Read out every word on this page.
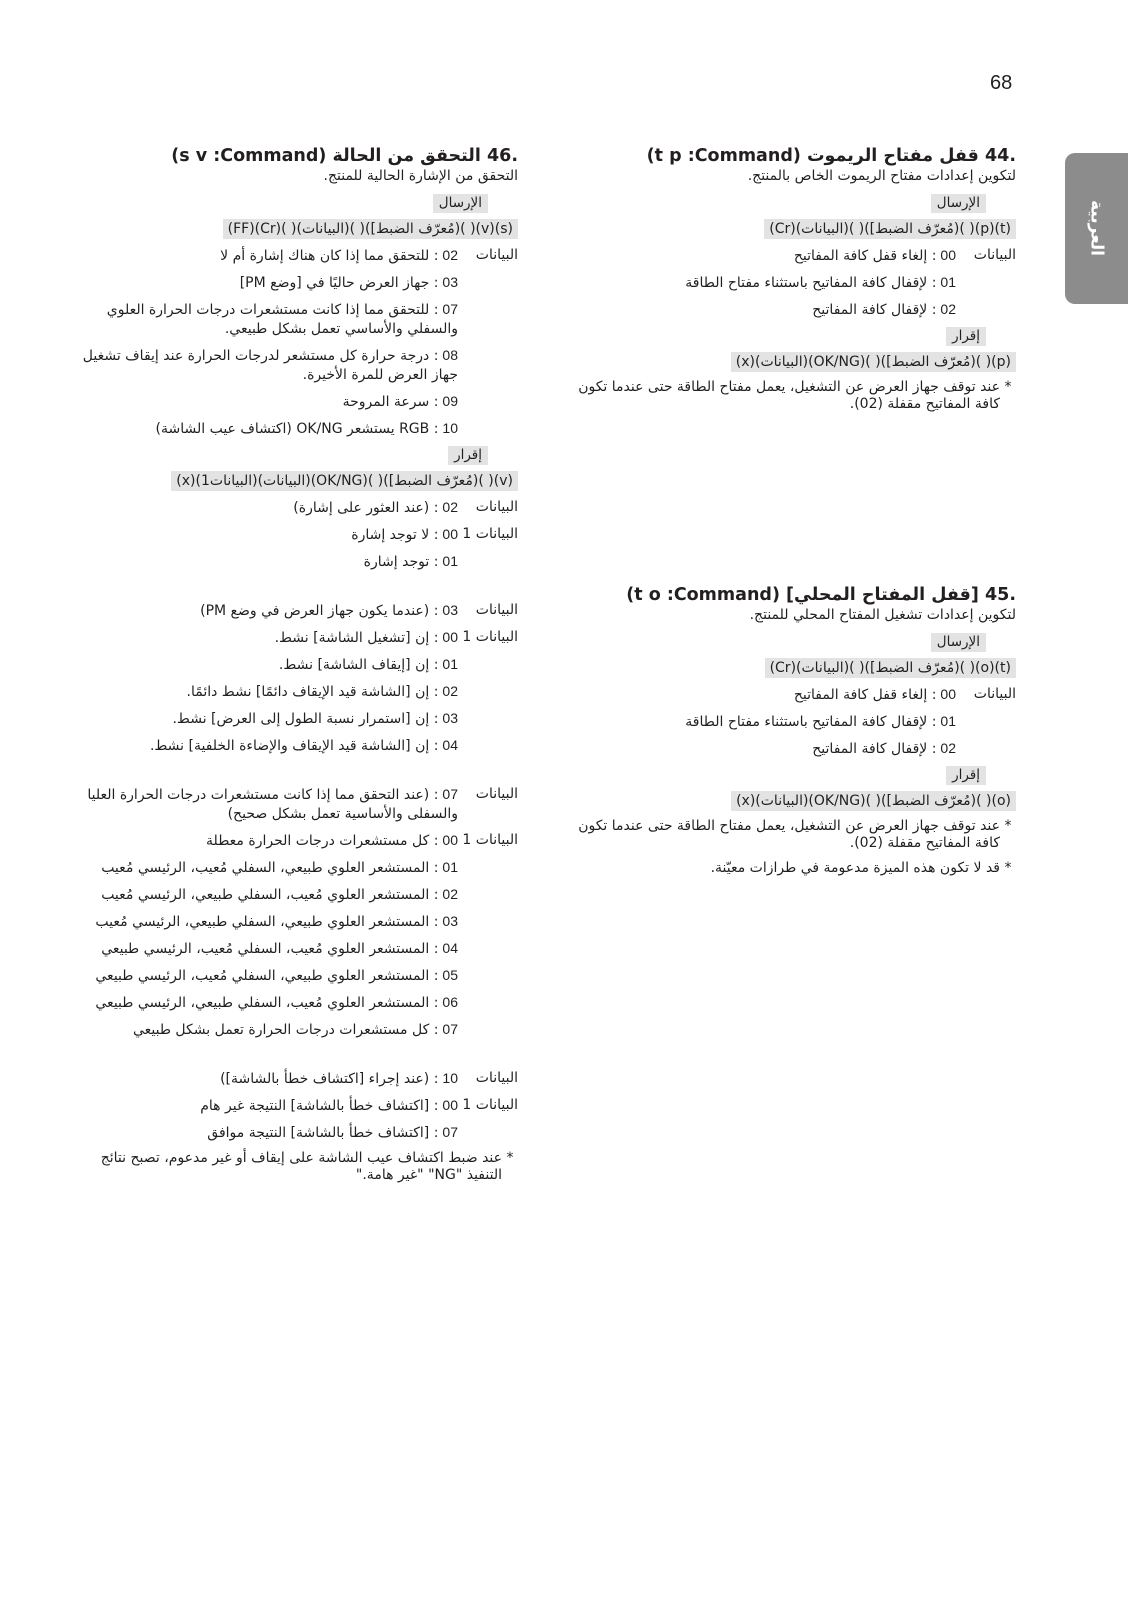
68
العربية
.44 قفل مفتاح الريموت (t p :Command)

لتكوين إعدادات مفتاح الريموت الخاص بالمنتج.

الإرسال
(t)(p)( )(مُعرّف الضبط])( )(البيانات)(Cr)
البيانات
00: إلغاء قفل كافة المفاتيح
01: لإقفال كافة المفاتيح باستثناء مفتاح الطاقة
02: لإقفال كافة المفاتيح
إقرار
(p)( )(مُعرّف الضبط])( )(OK/NG)(البيانات)(x)
*
عند توقف جهاز العرض عن التشغيل، يعمل مفتاح الطاقة حتى عندما تكون كافة المفاتيح مقفلة (02).
.45 [قفل المفتاح المحلي] (t o :Command)

لتكوين إعدادات تشغيل المفتاح المحلي للمنتج.

الإرسال
(t)(o)( )(مُعرّف الضبط])( )(البيانات)(Cr)
البيانات
00: إلغاء قفل كافة المفاتيح
01: لإقفال كافة المفاتيح باستثناء مفتاح الطاقة
02: لإقفال كافة المفاتيح
إقرار
(o)( )(مُعرّف الضبط])( )(OK/NG)(البيانات)(x)
*
عند توقف جهاز العرض عن التشغيل، يعمل مفتاح الطاقة حتى عندما تكون كافة المفاتيح مقفلة (02).
*
قد لا تكون هذه الميزة مدعومة في طرازات معيّنة.
.46 التحقق من الحالة (s v :Command)

التحقق من الإشارة الحالية للمنتج.

الإرسال
(s)(v)( )(مُعرّف الضبط])( )(البيانات)( )(Cr)(FF)
البيانات
02: للتحقق مما إذا كان هناك إشارة أم لا
03: جهاز العرض حاليًا في [وضع PM]
07: للتحقق مما إذا كانت مستشعرات درجات الحرارة العلوي والسفلي والأساسي تعمل بشكل طبيعي.
08: درجة حرارة كل مستشعر لدرجات الحرارة عند إيقاف تشغيل جهاز العرض للمرة الأخيرة.
09: سرعة المروحة
10: RGB يستشعر OK/NG (اكتشاف عيب الشاشة)
إقرار
(v)( )(مُعرّف الضبط])( )(OK/NG)(البيانات)(البيانات1)(x)
البيانات
02: (عند العثور على إشارة)
البيانات 1
00: لا توجد إشارة
01: توجد إشارة
البيانات
03: (عندما يكون جهاز العرض في وضع PM)
البيانات 1
00: إن [تشغيل الشاشة] نشط.
01: إن [إيقاف الشاشة] نشط.
02: إن [الشاشة قيد الإيقاف دائمًا] نشط دائمًا.
03: إن [استمرار نسبة الطول إلى العرض] نشط.
04: إن [الشاشة قيد الإيقاف والإضاءة الخلفية] نشط.
البيانات
07: (عند التحقق مما إذا كانت مستشعرات درجات الحرارة العليا والسفلى والأساسية تعمل بشكل صحيح)
البيانات 1
00: كل مستشعرات درجات الحرارة معطلة
01: المستشعر العلوي طبيعي، السفلي مُعيب، الرئيسي مُعيب
02: المستشعر العلوي مُعيب، السفلي طبيعي، الرئيسي مُعيب
03: المستشعر العلوي طبيعي، السفلي طبيعي، الرئيسي مُعيب
04: المستشعر العلوي مُعيب، السفلي مُعيب، الرئيسي طبيعي
05: المستشعر العلوي طبيعي، السفلي مُعيب، الرئيسي طبيعي
06: المستشعر العلوي مُعيب، السفلي طبيعي، الرئيسي طبيعي
07: كل مستشعرات درجات الحرارة تعمل بشكل طبيعي
البيانات
10: (عند إجراء [اكتشاف خطأ بالشاشة])
البيانات 1
00: [اكتشاف خطأ بالشاشة] النتيجة غير هام
07: [اكتشاف خطأ بالشاشة] النتيجة موافق
*
عند ضبط اكتشاف عيب الشاشة على إيقاف أو غير مدعوم، تصبح نتائج التنفيذ "NG" "غير هامة."
